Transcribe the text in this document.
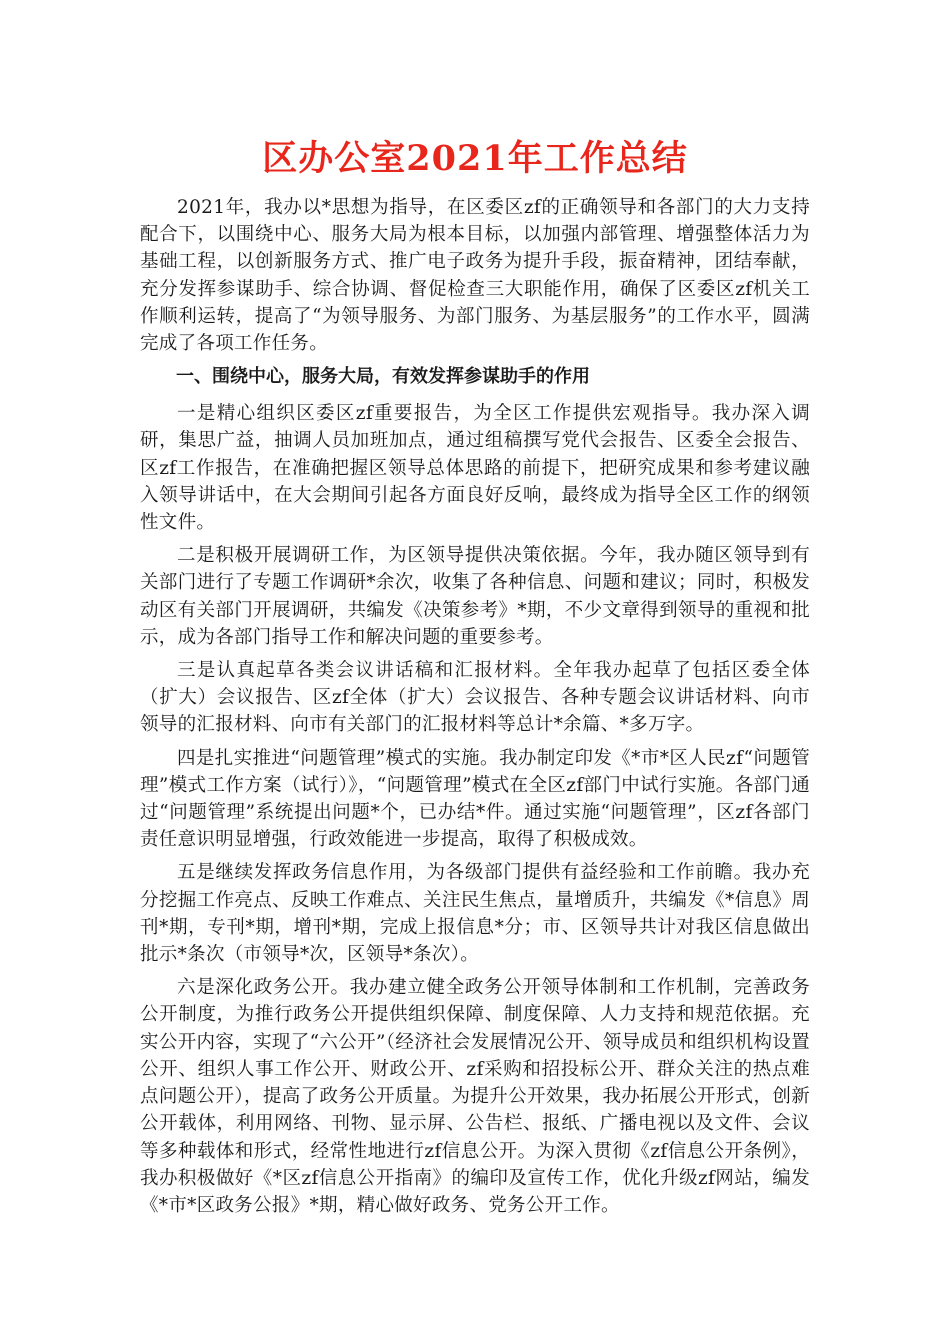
区办公室2021年工作总结

2021年，我办以*思想为指导，在区委区zf的正确领导和各部门的大力支持配合下，以围绕中心、服务大局为根本目标，以加强内部管理、增强整体活力为基础工程，以创新服务方式、推广电子政务为提升手段，振奋精神，团结奉献，充分发挥参谋助手、综合协调、督促检查三大职能作用，确保了区委区zf机关工作顺利运转，提高了“为领导服务、为部门服务、为基层服务”的工作水平，圆满完成了各项工作任务。

一、围绕中心，服务大局，有效发挥参谋助手的作用

一是精心组织区委区zf重要报告，为全区工作提供宏观指导。我办深入调研，集思广益，抽调人员加班加点，通过组稿撰写党代会报告、区委全会报告、区zf工作报告，在准确把握区领导总体思路的前提下，把研究成果和参考建议融入领导讲话中，在大会期间引起各方面良好反响，最终成为指导全区工作的纲领性文件。

二是积极开展调研工作，为区领导提供决策依据。今年，我办随区领导到有关部门进行了专题工作调研*余次，收集了各种信息、问题和建议；同时，积极发动区有关部门开展调研，共编发《决策参考》*期，不少文章得到领导的重视和批示，成为各部门指导工作和解决问题的重要参考。

三是认真起草各类会议讲话稿和汇报材料。全年我办起草了包括区委全体（扩大）会议报告、区zf全体（扩大）会议报告、各种专题会议讲话材料、向市领导的汇报材料、向市有关部门的汇报材料等总计*余篇、*多万字。

四是扎实推进“问题管理”模式的实施。我办制定印发《*市*区人民zf“问题管理”模式工作方案（试行）》，“问题管理”模式在全区zf部门中试行实施。各部门通过“问题管理”系统提出问题*个，已办结*件。通过实施“问题管理”，区zf各部门责任意识明显增强，行政效能进一步提高，取得了积极成效。

五是继续发挥政务信息作用，为各级部门提供有益经验和工作前瞻。我办充分挖掘工作亮点、反映工作难点、关注民生焦点，量增质升，共编发《*信息》周刊*期，专刊*期，增刊*期，完成上报信息*分；市、区领导共计对我区信息做出批示*条次（市领导*次，区领导*条次）。

六是深化政务公开。我办建立健全政务公开领导体制和工作机制，完善政务公开制度，为推行政务公开提供组织保障、制度保障、人力支持和规范依据。充实公开内容，实现了“六公开”（经济社会发展情况公开、领导成员和组织机构设置公开、组织人事工作公开、财政公开、zf采购和招投标公开、群众关注的热点难点问题公开），提高了政务公开质量。为提升公开效果，我办拓展公开形式，创新公开载体，利用网络、刊物、显示屏、公告栏、报纸、广播电视以及文件、会议等多种载体和形式，经常性地进行zf信息公开。为深入贯彻《zf信息公开条例》，我办积极做好《*区zf信息公开指南》的编印及宣传工作，优化升级zf网站，编发《*市*区政务公报》*期，精心做好政务、党务公开工作。
